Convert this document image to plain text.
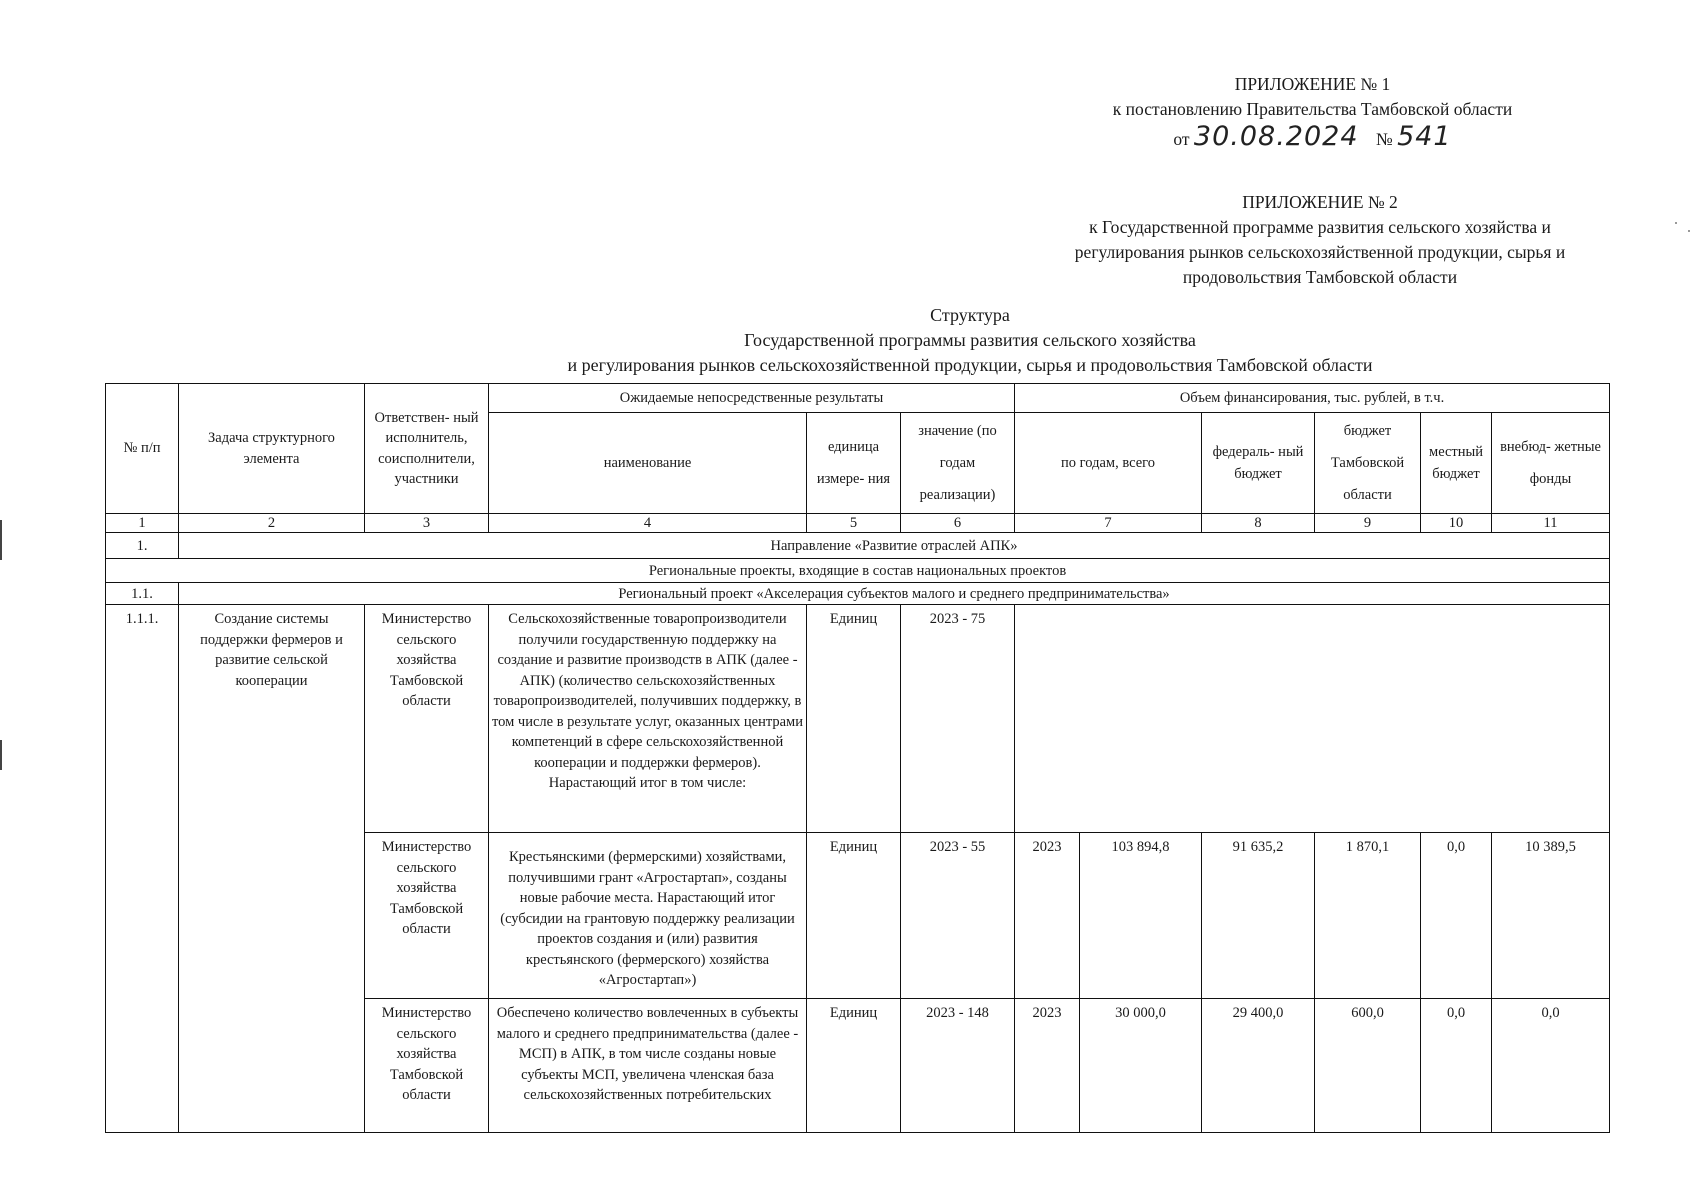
ПРИЛОЖЕНИЕ № 1
к постановлению Правительства Тамбовской области
от 30.08.2024 № 541
ПРИЛОЖЕНИЕ № 2
к Государственной программе развития сельского хозяйства и
регулирования рынков сельскохозяйственной продукции, сырья и
продовольствия Тамбовской области
Структура
Государственной программы развития сельского хозяйства
и регулирования рынков сельскохозяйственной продукции, сырья и продовольствия Тамбовской области
№ п/п	Задача структурного элемента	Ответствен- ный исполнитель, соисполнители, участники	Ожидаемые непосредственные результаты			Объем финансирования, тыс. рублей, в т.ч.					
			наименование	единица измере- ния	значение (по годам реализации)	по годам, всего		федераль- ный бюджет	бюджет Тамбовской области	местный бюджет	внебюд- жетные фонды
1	2	3	4	5	6	7		8	9	10	11
1.	Направление «Развитие отраслей АПК»										
Региональные проекты, входящие в состав национальных проектов											
1.1.	Региональный проект «Акселерация субъектов малого и среднего предпринимательства»										
1.1.1.	Создание системы поддержки фермеров и развитие сельской кооперации	Министерство сельского хозяйства Тамбовской области	Сельскохозяйственные товаропроизводители получили государственную поддержку на создание и развитие производств в АПК (далее - АПК) (количество сельскохозяйственных товаропроизводителей, получивших поддержку, в том числе в результате услуг, оказанных центрами компетенций в сфере сельскохозяйственной кооперации и поддержки фермеров). Нарастающий итог в том числе:	Единиц	2023 - 75						
		Министерство сельского хозяйства Тамбовской области	Крестьянскими (фермерскими) хозяйствами, получившими грант «Агростартап», созданы новые рабочие места. Нарастающий итог (субсидии на грантовую поддержку реализации проектов создания и (или) развития крестьянского (фермерского) хозяйства «Агростартап»)	Единиц	2023 - 55	2023	103 894,8	91 635,2	1 870,1	0,0	10 389,5
		Министерство сельского хозяйства Тамбовской области	Обеспечено количество вовлеченных в субъекты малого и среднего предпринимательства (далее - МСП) в АПК, в том числе созданы новые субъекты МСП, увеличена членская база сельскохозяйственных потребительских	Единиц	2023 - 148	2023	30 000,0	29 400,0	600,0	0,0	0,0
